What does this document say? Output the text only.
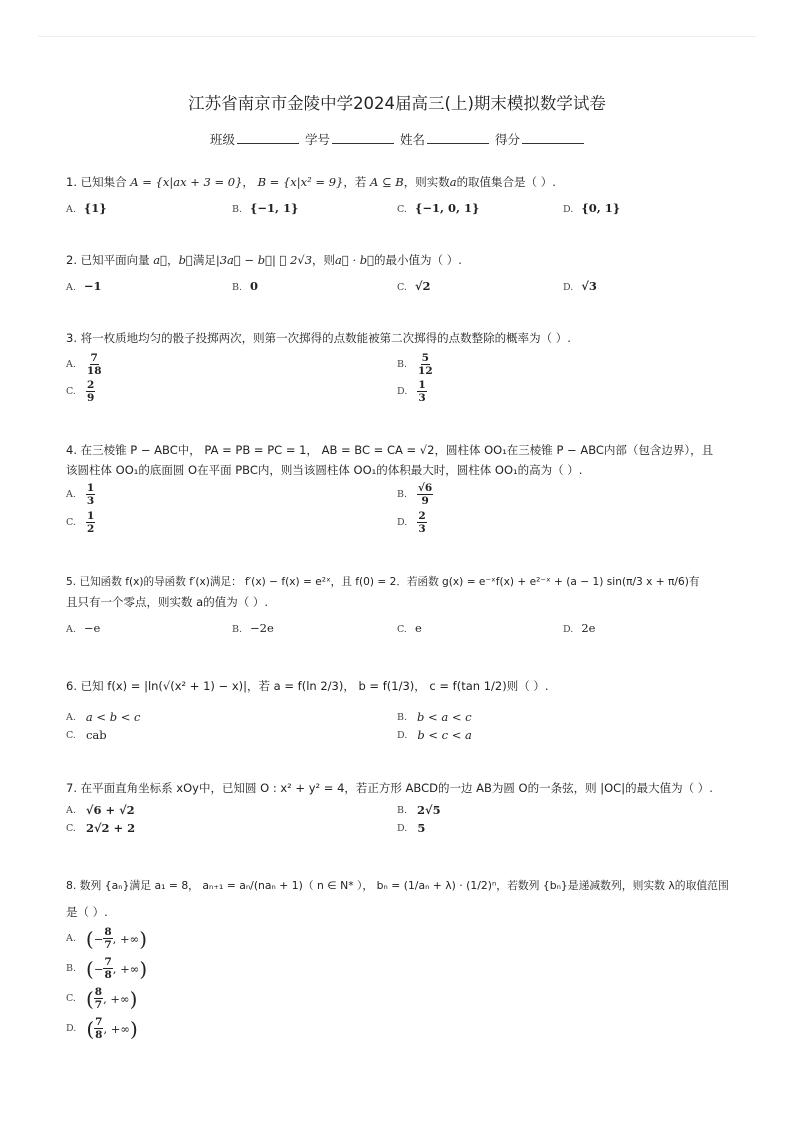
江苏省南京市金陵中学2024届高三(上)期末模拟数学试卷
班级	学号	姓名	得分
1. 已知集合 A = {x|ax + 3 = 0}， B = {x|x² = 9}，若 A ⊆ B，则实数a的取值集合是（ ）.
A. {1}	B. {−1, 1}	C. {−1, 0, 1}	D. {0, 1}
2. 已知平面向量 a⃗，b⃗满足|3a⃗ − b⃗| ⩽ 2√3，则a⃗ · b⃗的最小值为（ ）.
A. −1	B. 0	C. √2	D. √3
3. 将一枚质地均匀的骰子投掷两次，则第一次掷得的点数能被第二次掷得的点数整除的概率为（ ）.
A. $\frac{7}{18}$	B. $\frac{5}{12}$
C. $\frac{2}{9}$	D. $\frac{1}{3}$
4. 在三棱锥 P − ABC中， PA = PB = PC = 1， AB = BC = CA = √2，圆柱体 OO₁在三棱锥 P − ABC内部（包含边界），且
该圆柱体 OO₁的底面圆 O在平面 PBC内，则当该圆柱体 OO₁的体积最大时，圆柱体 OO₁的高为（ ）.
A. $\frac{1}{3}$	B. $\frac{√6}{9}$
C. $\frac{1}{2}$	D. $\frac{2}{3}$
5. 已知函数 f(x)的导函数 f′(x)满足： f′(x) − f(x) = e²ˣ，且 f(0) = 2．若函数 g(x) = e⁻ˣf(x) + e²⁻ˣ + (a − 1) sin(π/3 x + π/6)有
且只有一个零点，则实数 a的值为（ ）.
A. −e	B. −2e	C. e	D. 2e
6. 已知 f(x) = |ln(√(x² + 1) − x)|，若 a = f(ln 2/3)， b = f(1/3)， c = f(tan 1/2)则（ ）.
A. a < b < c	B. b < a < c
C. cab	D. b < c < a
7. 在平面直角坐标系 xOy中，已知圆 O : x² + y² = 4，若正方形 ABCD的一边 AB为圆 O的一条弦，则 |OC|的最大值为（ ）.
A. √6 + √2	B. 2√5
C. 2√2 + 2	D. 5
8. 数列 {aₙ}满足 a₁ = 8， aₙ₊₁ = aₙ/(naₙ + 1)（ n ∈ N* ）， bₙ = (1/aₙ + λ) · (1/2)ⁿ，若数列 {bₙ}是递减数列，则实数 λ的取值范围
是（ ）.
A. ( − $\frac{8}{7}$ , +∞ )
B. ( − $\frac{7}{8}$ , +∞ )
C. ( $\frac{8}{7}$ , +∞ )
D. ( $\frac{7}{8}$ , +∞ )
